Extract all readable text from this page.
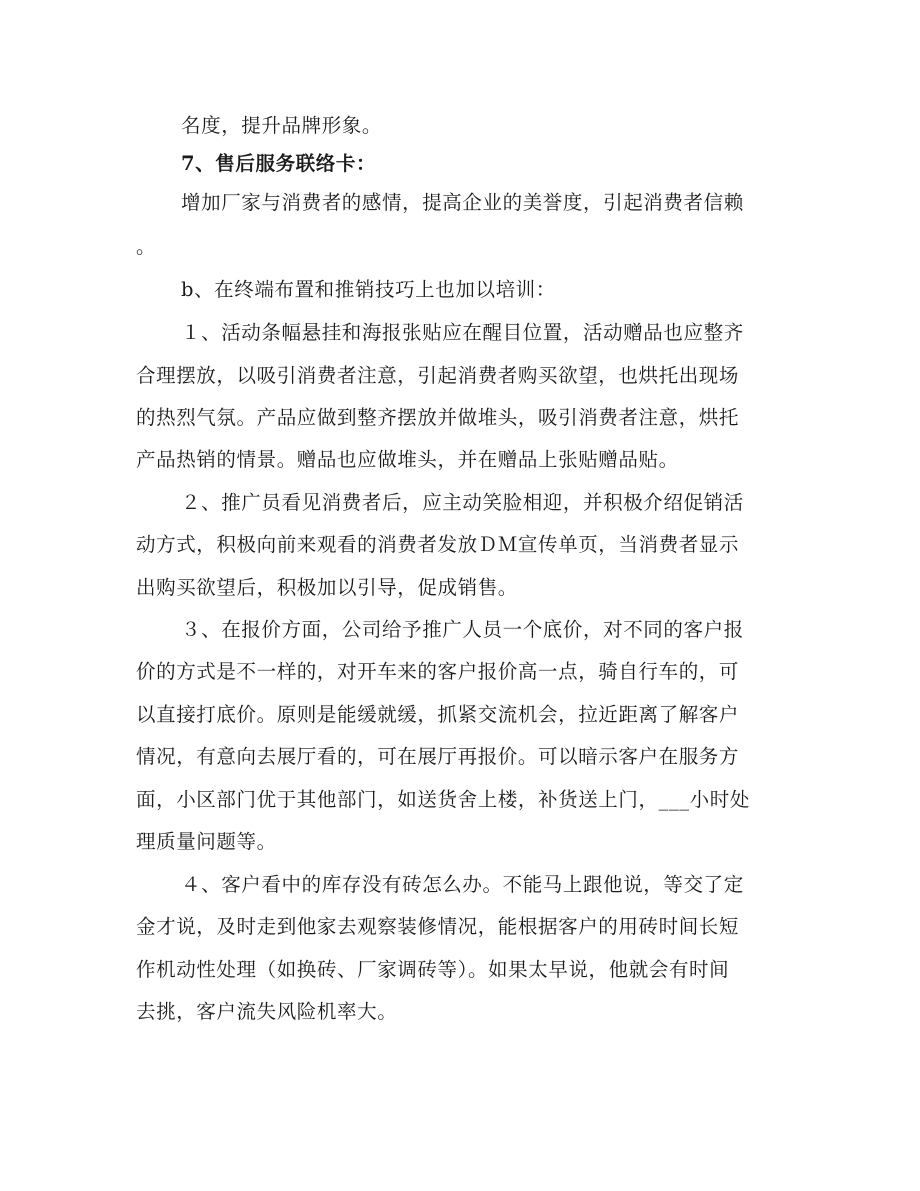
名度，提升品牌形象。
7、售后服务联络卡：
增加厂家与消费者的感情，提高企业的美誉度，引起消费者信赖
。
b、在终端布置和推销技巧上也加以培训：
１、活动条幅悬挂和海报张贴应在醒目位置，活动赠品也应整齐
合理摆放，以吸引消费者注意，引起消费者购买欲望，也烘托出现场
的热烈气氛。产品应做到整齐摆放并做堆头，吸引消费者注意，烘托
产品热销的情景。赠品也应做堆头，并在赠品上张贴赠品贴。
２、推广员看见消费者后，应主动笑脸相迎，并积极介绍促销活
动方式，积极向前来观看的消费者发放ＤＭ宣传单页，当消费者显示
出购买欲望后，积极加以引导，促成销售。
３、在报价方面，公司给予推广人员一个底价，对不同的客户报
价的方式是不一样的，对开车来的客户报价高一点，骑自行车的，可
以直接打底价。原则是能缓就缓，抓紧交流机会，拉近距离了解客户
情况，有意向去展厅看的，可在展厅再报价。可以暗示客户在服务方
面，小区部门优于其他部门，如送货舍上楼，补货送上门，___小时处
理质量问题等。
４、客户看中的库存没有砖怎么办。不能马上跟他说，等交了定
金才说，及时走到他家去观察装修情况，能根据客户的用砖时间长短
作机动性处理（如换砖、厂家调砖等）。如果太早说，他就会有时间
去挑，客户流失风险机率大。
